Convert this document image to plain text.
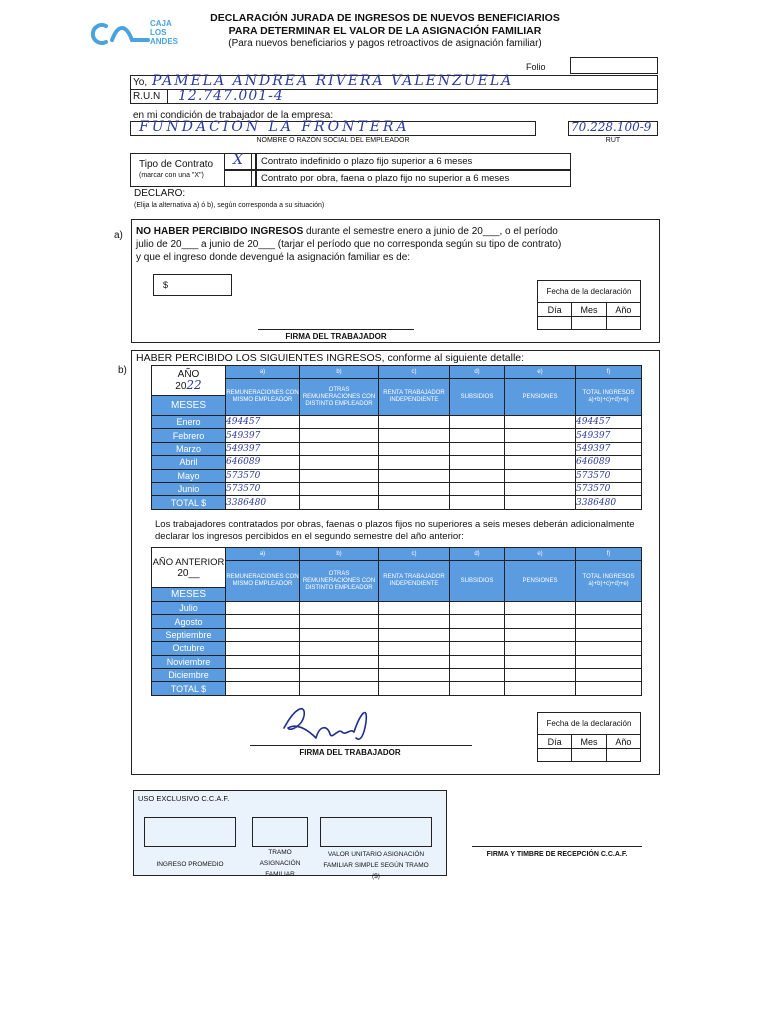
CAJA
LOS
ANDES
DECLARACIÓN JURADA DE INGRESOS DE NUEVOS BENEFICIARIOS
PARA DETERMINAR EL VALOR DE LA ASIGNACIÓN FAMILIAR
(Para nuevos beneficiarios y pagos retroactivos de asignación familiar)
Folio
Yo, PAMELA ANDREA RIVERA VALENZUELA
R.U.N 12.747.001-4
en mi condición de trabajador de la empresa:
FUNDACION LA FRONTERA
NOMBRE O RAZÓN SOCIAL DEL EMPLEADOR
70.228.100-9
RUT
Tipo de Contrato
(marcar con una "X")
X Contrato indefinido o plazo fijo superior a 6 meses
Contrato por obra, faena o plazo fijo no superior a 6 meses
DECLARO:
(Elija la alternativa a) ó b), según corresponda a su situación)
a) NO HABER PERCIBIDO INGRESOS durante el semestre enero a junio de 20___, o el período
julio de 20___ a junio de 20___ (tarjar el período que no corresponda según su tipo de contrato)
y que el ingreso donde devengué la asignación familiar es de:
$
FIRMA DEL TRABAJADOR
Fecha de la declaración		
Día	Mes	Año

b)
HABER PERCIBIDO LOS SIGUIENTES INGRESOS, conforme al siguiente detalle:
AÑO
2022	a)	b)	c)	d)	e)	f)
	REMUNERACIONES CON MISMO EMPLEADOR	OTRAS REMUNERACIONES CON DISTINTO EMPLEADOR	RENTA TRABAJADOR INDEPENDIENTE	SUBSIDIOS	PENSIONES	TOTAL INGRESOS a)+b)+c)+d)+e)
MESES						
Enero	494457					494457
Febrero	549397					549397
Marzo	549397					549397
Abril	646089					646089
Mayo	573570					573570
Junio	573570					573570
TOTAL $	3386480					3386480
Los trabajadores contratados por obras, faenas o plazos fijos no superiores a seis meses deberán adicionalmente declarar los ingresos percibidos en el segundo semestre del año anterior:
AÑO ANTERIOR
20__	a)	b)	c)	d)	e)	f)
	REMUNERACIONES CON MISMO EMPLEADOR	OTRAS REMUNERACIONES CON DISTINTO EMPLEADOR	RENTA TRABAJADOR INDEPENDIENTE	SUBSIDIOS	PENSIONES	TOTAL INGRESOS a)+b)+c)+d)+e)
MESES						
Julio						
Agosto						
Septiembre						
Octubre						
Noviembre						
Diciembre						
TOTAL $						
FIRMA DEL TRABAJADOR
Fecha de la declaración		
Día	Mes	Año

USO EXCLUSIVO C.C.A.F.
INGRESO PROMEDIO
TRAMO ASIGNACIÓN FAMILIAR
VALOR UNITARIO ASIGNACIÓN FAMILIAR SIMPLE SEGÚN TRAMO ($)
FIRMA Y TIMBRE DE RECEPCIÓN C.C.A.F.
